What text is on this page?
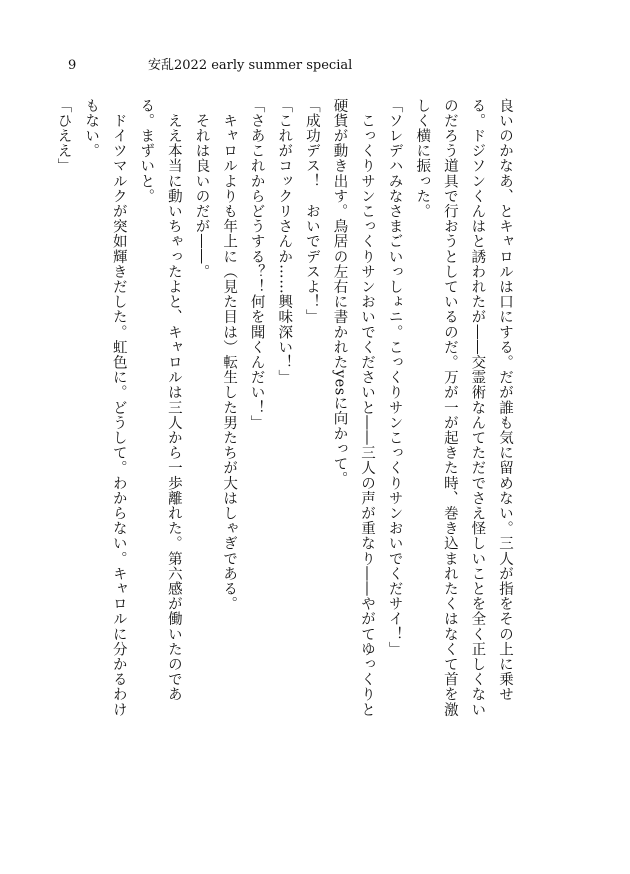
9	安乱2022 early summer special

良いのかなあ、とキャロルは口にする。だが誰も気に留めない。三人が指をその上に乗せ

る。ドジソンくんはと誘われたが――交霊術なんてただでさえ怪しいことを全く正しくない

のだろう道具で行おうとしているのだ。万が一が起きた時、巻き込まれたくはなくて首を激

しく横に振った。

「ソレデハみなさまごいっしょニ。こっくりサンこっくりサンおいでくだサイ！」

　こっくりサンこっくりサンおいでくださいと――三人の声が重なり――やがてゆっくりと

硬貨が動き出す。鳥居の左右に書かれたyesに向かって。

「成功デス！　おいでデスよ！」

「これがコックリさんか……興味深い！」

「さあこれからどうする？！何を聞くんだい！」

　キャロルよりも年上に（見た目は）転生した男たちが大はしゃぎである。

　それは良いのだが――。

　ええ本当に動いちゃったよと、キャロルは三人から一歩離れた。第六感が働いたのであ

る。まずいと。

　ドイツマルクが突如輝きだした。虹色に。どうして。わからない。キャロルに分かるわけ

もない。

「ひええ」
